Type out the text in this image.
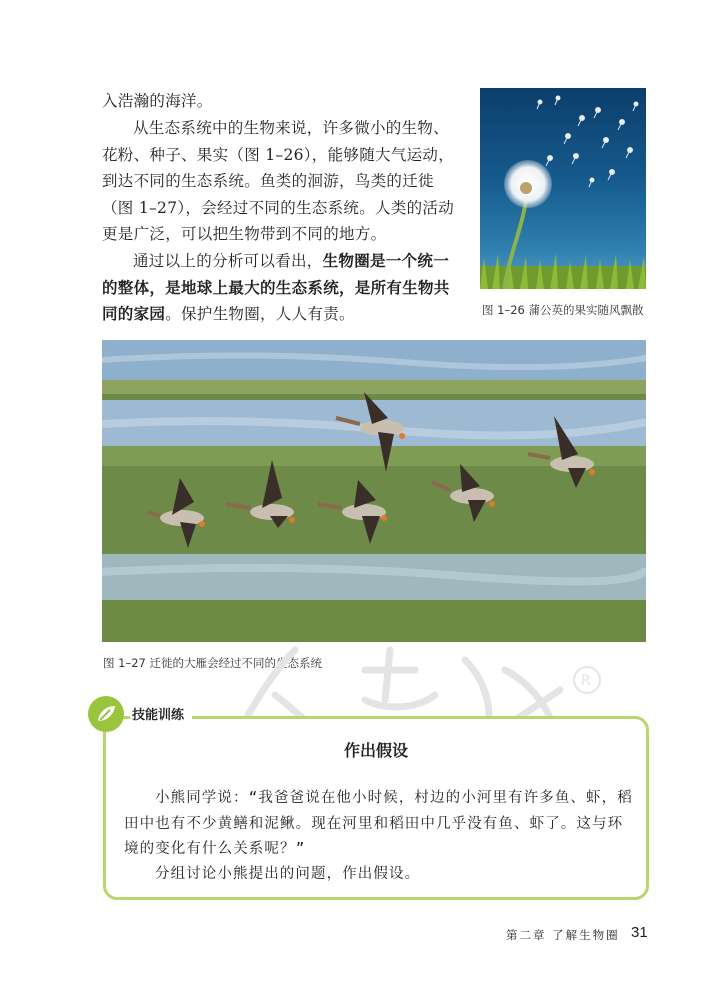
入浩瀚的海洋。

从生态系统中的生物来说，许多微小的生物、花粉、种子、果实（图 1–26），能够随大气运动，到达不同的生态系统。鱼类的洄游，鸟类的迁徙（图 1–27），会经过不同的生态系统。人类的活动更是广泛，可以把生物带到不同的地方。

通过以上的分析可以看出，生物圈是一个统一的整体，是地球上最大的生态系统，是所有生物共同的家园。保护生物圈，人人有责。	图 1–26 蒲公英的果实随风飘散
图 1–27 迁徙的大雁会经过不同的生态系统
R
技能训练
作出假设

小熊同学说：“我爸爸说在他小时候，村边的小河里有许多鱼、虾，稻田中也有不少黄鳝和泥鳅。现在河里和稻田中几乎没有鱼、虾了。这与环境的变化有什么关系呢？”

分组讨论小熊提出的问题，作出假设。

第二章 了解生物圈 31
